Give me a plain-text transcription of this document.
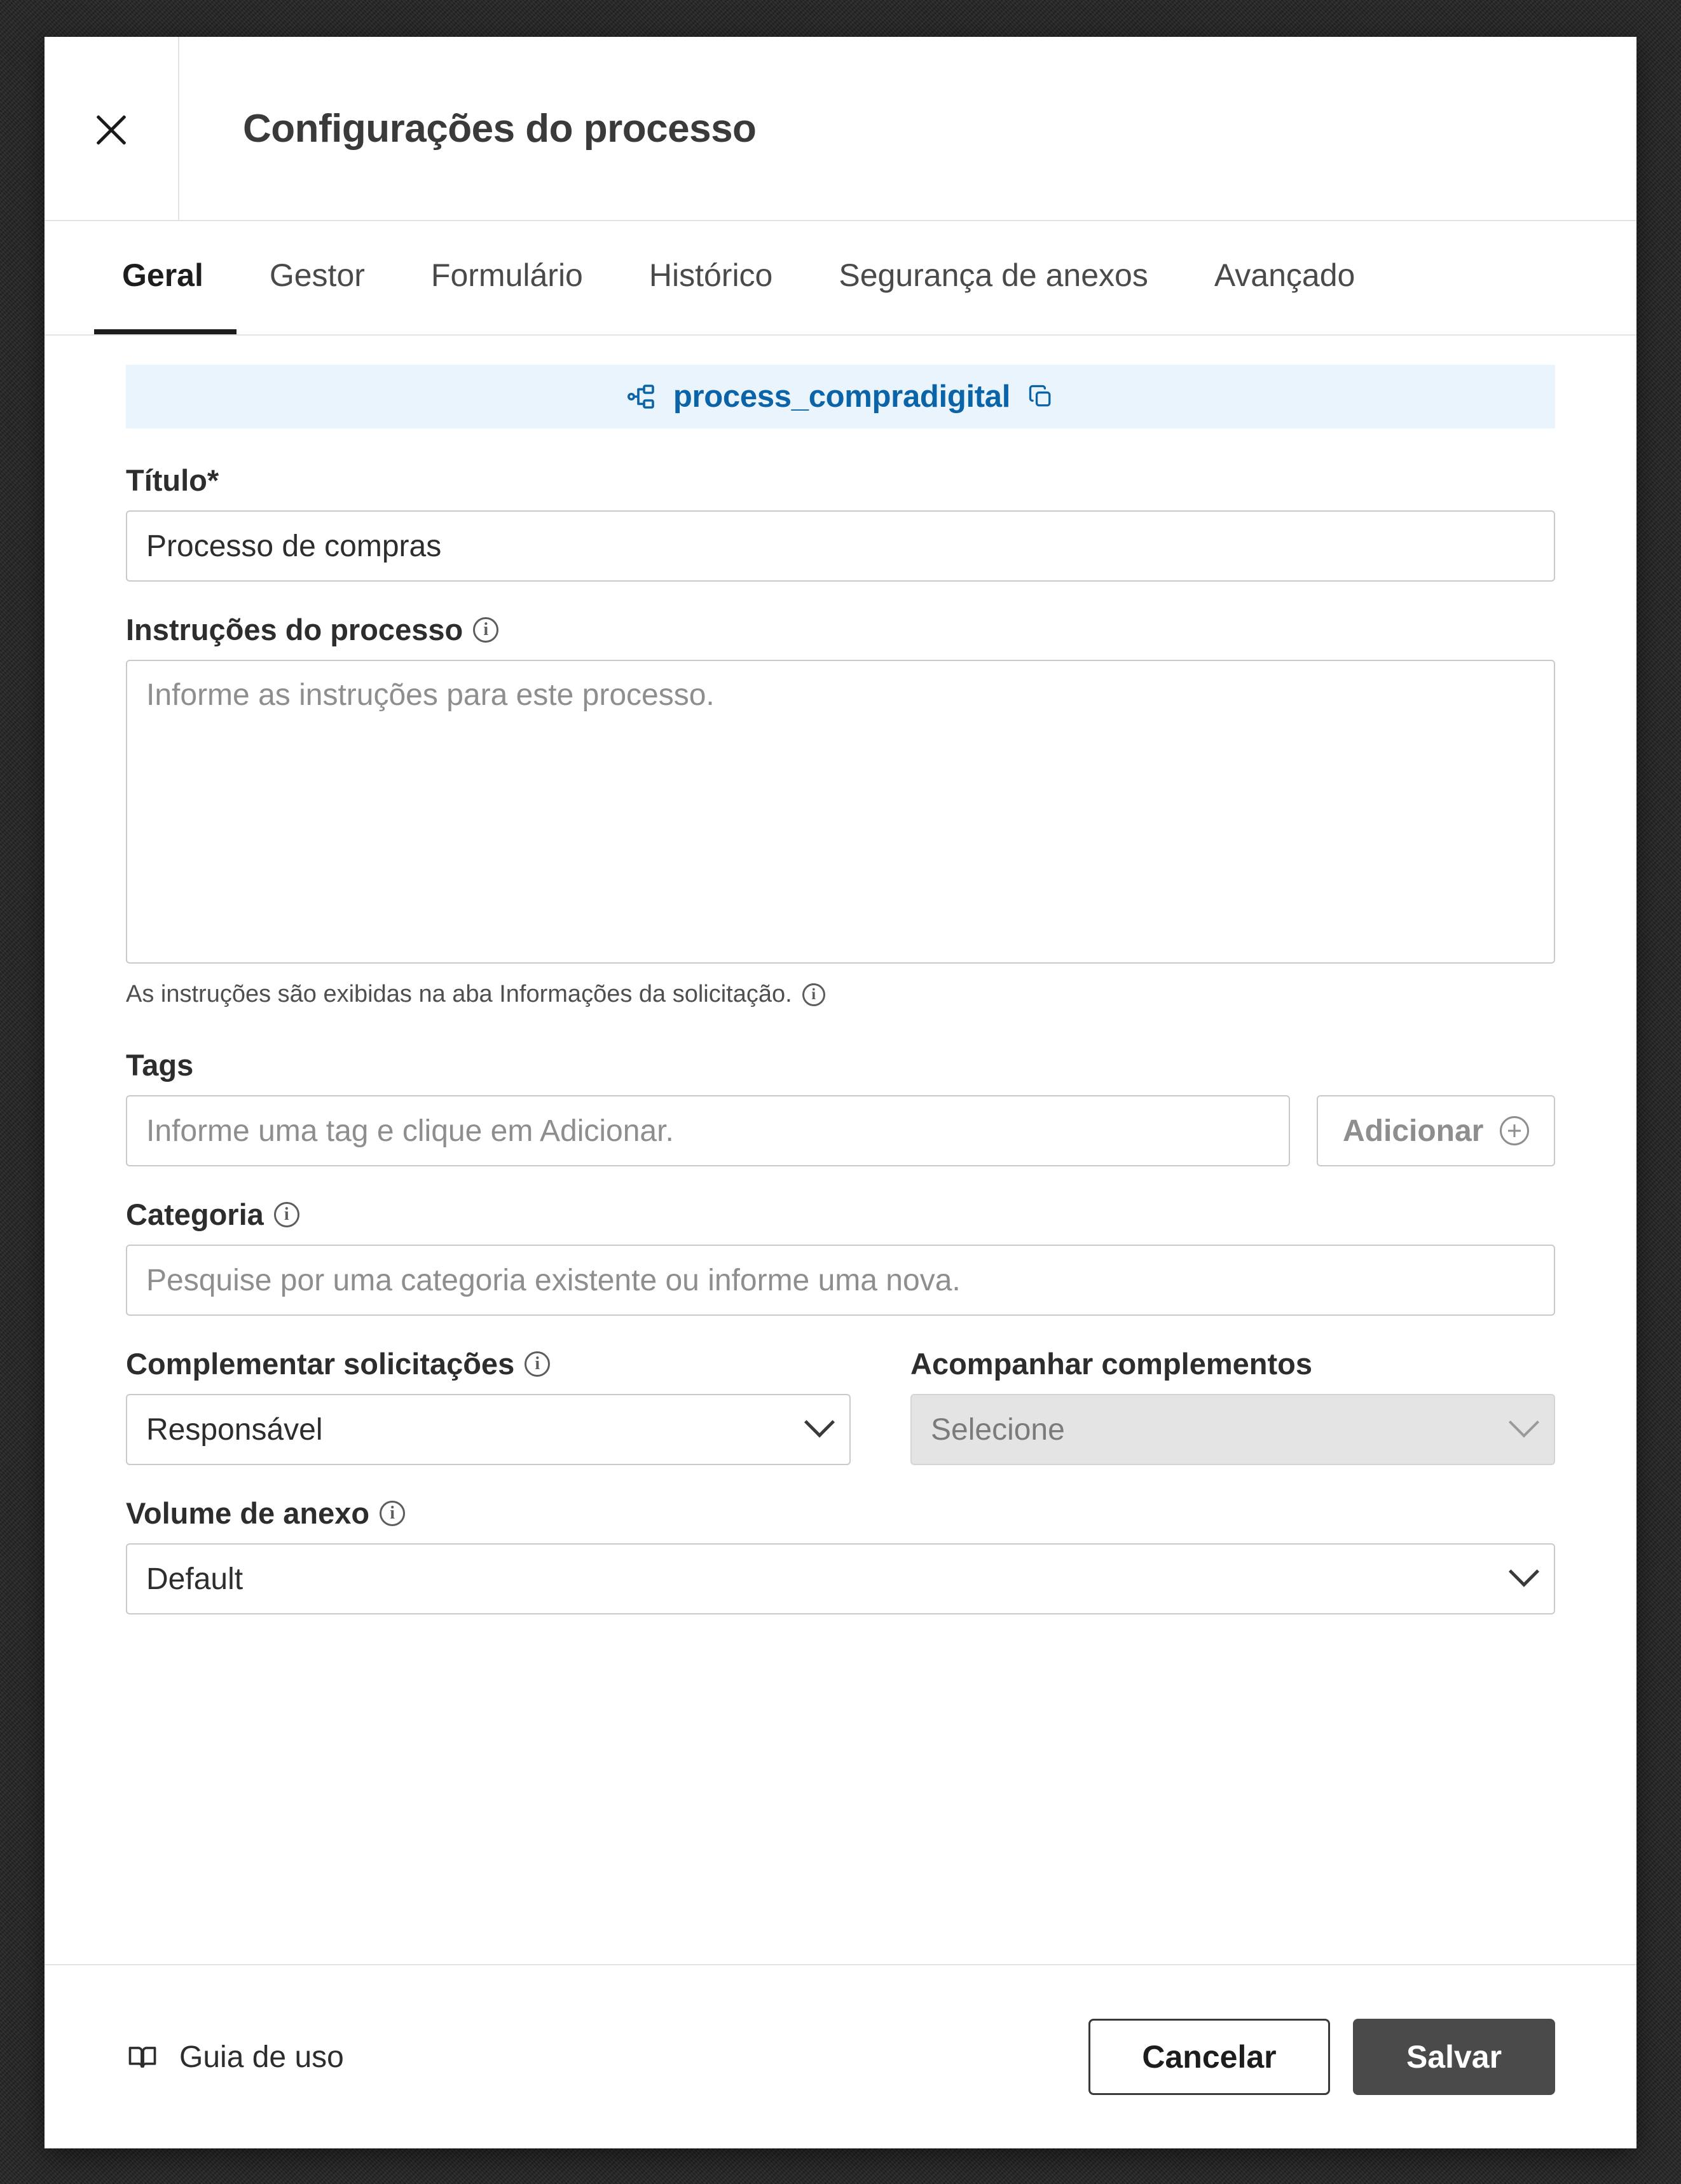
Configurações do processo
Geral	Gestor	Formulário	Histórico	Segurança de anexos	Avançado
process_compradigital
Título*
Processo de compras
Instruções do processo	i
Informe as instruções para este processo.
As instruções são exibidas na aba Informações da solicitação.	i
Tags
Informe uma tag e clique em Adicionar.
Adicionar
Categoria	i
Pesquise por uma categoria existente ou informe uma nova.
Complementar solicitações	i
Responsável
Acompanhar complementos
Selecione
Volume de anexo	i
Default
Guia de uso	Cancelar	Salvar
